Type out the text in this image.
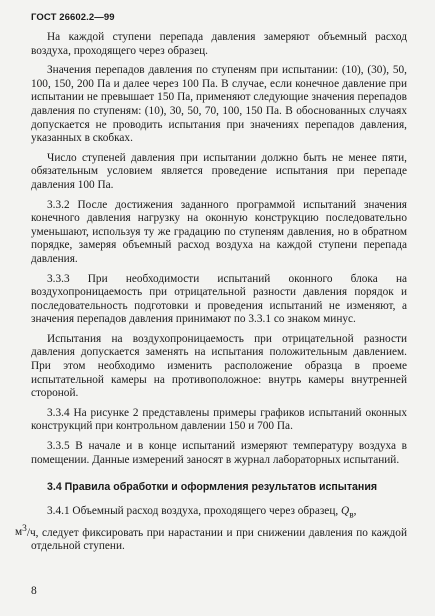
ГОСТ 26602.2—99

На каждой ступени перепада давления замеряют объемный расход воздуха, проходящего через образец.

Значения перепадов давления по ступеням при испытании: (10), (30), 50, 100, 150, 200 Па и далее через 100 Па. В случае, если конечное давление при испытании не превышает 150 Па, применяют следующие значения перепадов давления по ступеням: (10), 30, 50, 70, 100, 150 Па. В обоснованных случаях допускается не проводить испытания при значениях перепадов давления, указанных в скобках.

Число ступеней давления при испытании должно быть не менее пяти, обязательным условием является проведение испытания при перепаде давления 100 Па.

3.3.2 После достижения заданного программой испытаний значения конечного давления нагрузку на оконную конструкцию последовательно уменьшают, используя ту же градацию по ступеням давления, но в обратном порядке, замеряя объемный расход воздуха на каждой ступени перепада давления.

3.3.3 При необходимости испытаний оконного блока на воздухопроницаемость при отрицательной разности давления порядок и последовательность подготовки и проведения испытаний не изменяют, а значения перепадов давления принимают по 3.3.1 со знаком минус.

Испытания на воздухопроницаемость при отрицательной разности давления допускается заменять на испытания положительным давлением. При этом необходимо изменить расположение образца в проеме испытательной камеры на противоположное: внутрь камеры внутренней стороной.

3.3.4 На рисунке 2 представлены примеры графиков испытаний оконных конструкций при контрольном давлении 150 и 700 Па.

3.3.5 В начале и в конце испытаний измеряют температуру воздуха в помещении. Данные измерений заносят в журнал лабораторных испытаний.

3.4 Правила обработки и оформления результатов испытания

3.4.1 Объемный расход воздуха, проходящего через образец, $Q_в$,
$м^3/ч$, следует фиксировать при нарастании и при снижении давления по каждой отдельной ступени.

8
